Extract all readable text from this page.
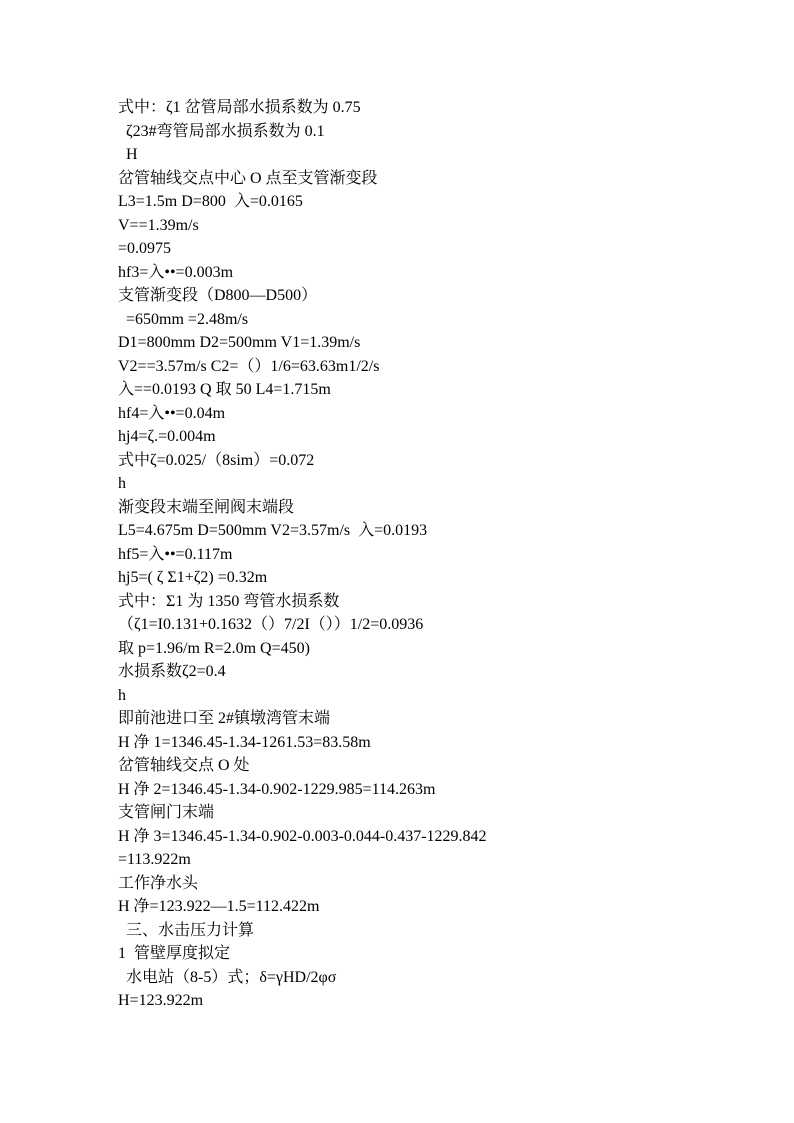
式中：ζ1 岔管局部水损系数为 0.75
ζ23#弯管局部水损系数为 0.1
H
岔管轴线交点中心 O 点至支管渐变段
L3=1.5m D=800  入=0.0165
V==1.39m/s
=0.0975
hf3=入••=0.003m
支管渐变段（D800—D500）
=650mm =2.48m/s
D1=800mm D2=500mm V1=1.39m/s
V2==3.57m/s C2=（）1/6=63.63m1/2/s
入==0.0193 Q 取 50 L4=1.715m
hf4=入••=0.04m
hj4=ζ.=0.004m
式中ζ=0.025/（8sim）=0.072
h
渐变段末端至闸阀末端段
L5=4.675m D=500mm V2=3.57m/s  入=0.0193
hf5=入••=0.117m
hj5=( ζ Σ1+ζ2) =0.32m
式中：Σ1 为 1350 弯管水损系数
（ζ1=I0.131+0.1632（）7/2I（））1/2=0.0936
取 p=1.96/m R=2.0m Q=450)
水损系数ζ2=0.4
h
即前池进口至 2#镇墩湾管末端
H 净 1=1346.45-1.34-1261.53=83.58m
岔管轴线交点 O 处
H 净 2=1346.45-1.34-0.902-1229.985=114.263m
支管闸门末端
H 净 3=1346.45-1.34-0.902-0.003-0.044-0.437-1229.842
=113.922m
工作净水头
H 净=123.922—1.5=112.422m
三、水击压力计算
1  管壁厚度拟定
水电站（8-5）式；δ=γHD/2φσ
H=123.922m
